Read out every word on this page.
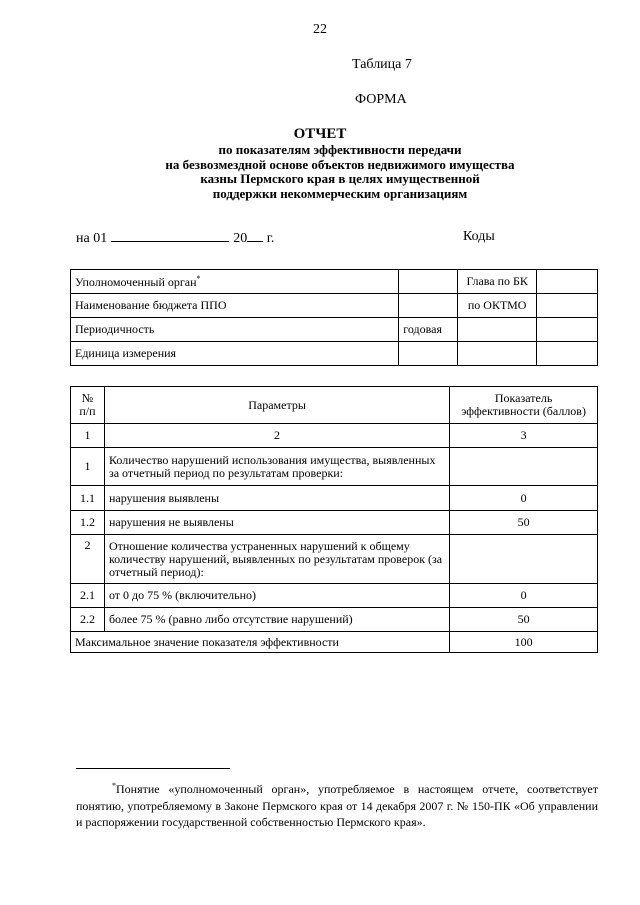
22
Таблица 7
ФОРМА
ОТЧЕТ
по показателям эффективности передачи
на безвозмездной основе объектов недвижимого имущества
казны Пермского края в целях имущественной
поддержки некоммерческим организациям
на 01	20 г.	Коды
Уполномоченный орган*		Глава по БК	
Наименование бюджета ППО		по ОКТМО	
Периодичность	годовая		
Единица измерения			
№ п/п	Параметры	Показатель эффективности (баллов)
1	2	3
1	Количество нарушений использования имущества, выявленных за отчетный период по результатам проверки:	
1.1	нарушения выявлены	0
1.2	нарушения не выявлены	50
2	Отношение количества устраненных нарушений к общему количеству нарушений, выявленных по результатам проверок (за отчетный период):	
2.1	от 0 до 75 % (включительно)	0
2.2	более 75 % (равно либо отсутствие нарушений)	50
Максимальное значение показателя эффективности		100
*Понятие «уполномоченный орган», употребляемое в настоящем отчете, соответствует понятию, употребляемому в Законе Пермского края от 14 декабря 2007 г. № 150-ПК «Об управлении и распоряжении государственной собственностью Пермского края».
